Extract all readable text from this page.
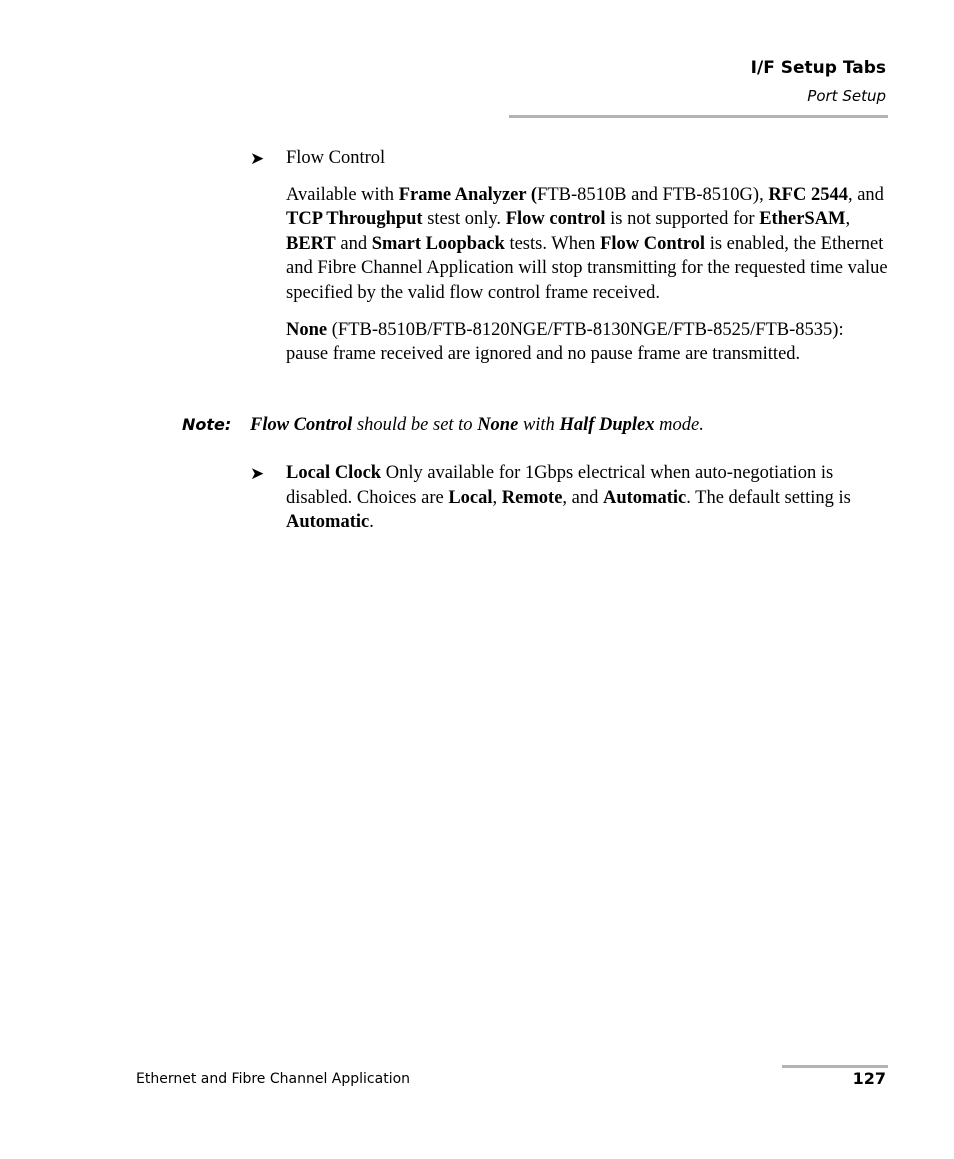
I/F Setup Tabs
Port Setup
➤ Flow Control

Available with Frame Analyzer (FTB-8510B and FTB-8510G), RFC 2544, and TCP Throughput stest only. Flow control is not supported for EtherSAM, BERT and Smart Loopback tests. When Flow Control is enabled, the Ethernet and Fibre Channel Application will stop transmitting for the requested time value specified by the valid flow control frame received.

None (FTB-8510B/FTB-8120NGE/FTB-8130NGE/FTB-8525/FTB-8535): pause frame received are ignored and no pause frame are transmitted.

Note: Flow Control should be set to None with Half Duplex mode.
➤ Local Clock Only available for 1Gbps electrical when auto-negotiation is disabled. Choices are Local, Remote, and Automatic. The default setting is Automatic.

Ethernet and Fibre Channel Application	127
